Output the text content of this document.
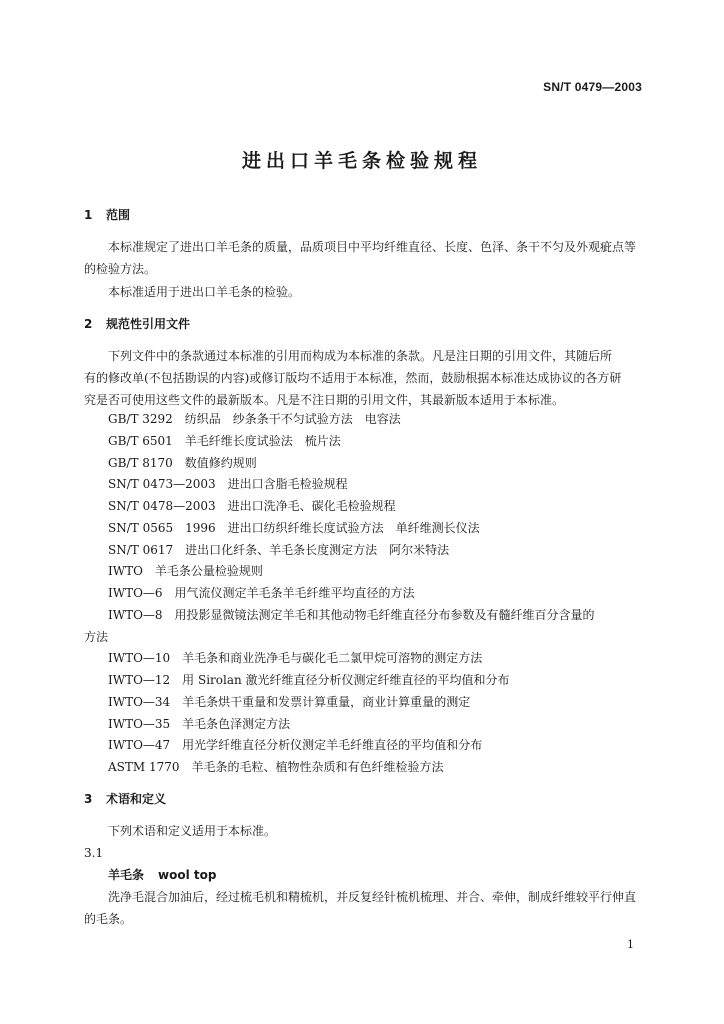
SN/T 0479—2003
进出口羊毛条检验规程
1 范围
本标准规定了进出口羊毛条的质量，品质项目中平均纤维直径、长度、色泽、条干不匀及外观疵点等
的检验方法。
本标准适用于进出口羊毛条的检验。
2 规范性引用文件
下列文件中的条款通过本标准的引用而构成为本标准的条款。凡是注日期的引用文件，其随后所
有的修改单(不包括勘误的内容)或修订版均不适用于本标准，然而，鼓励根据本标准达成协议的各方研
究是否可使用这些文件的最新版本。凡是不注日期的引用文件，其最新版本适用于本标准。
GB/T 3292　纺织品　纱条条干不匀试验方法　电容法
GB/T 6501　羊毛纤维长度试验法　梳片法
GB/T 8170　数值修约规则
SN/T 0473—2003　进出口含脂毛检验规程
SN/T 0478—2003　进出口洗净毛、碳化毛检验规程
SN/T 0565　1996　进出口纺织纤维长度试验方法　单纤维测长仪法
SN/T 0617　进出口化纤条、羊毛条长度测定方法　阿尔米特法
IWTO　羊毛条公量检验规则
IWTO—6　用气流仪测定羊毛条羊毛纤维平均直径的方法
IWTO—8　用投影显微镜法测定羊毛和其他动物毛纤维直径分布参数及有髓纤维百分含量的
方法
IWTO—10　羊毛条和商业洗净毛与碳化毛二氯甲烷可溶物的测定方法
IWTO—12　用 Sirolan 激光纤维直径分析仪测定纤维直径的平均值和分布
IWTO—34　羊毛条烘干重量和发票计算重量，商业计算重量的测定
IWTO—35　羊毛条色泽测定方法
IWTO—47　用光学纤维直径分析仪测定羊毛纤维直径的平均值和分布
ASTM 1770　羊毛条的毛粒、植物性杂质和有色纤维检验方法
3 术语和定义
下列术语和定义适用于本标准。
3.1
羊毛条 wool top
洗净毛混合加油后，经过梳毛机和精梳机，并反复经针梳机梳理、并合、牵伸，制成纤维较平行伸直
的毛条。
1
